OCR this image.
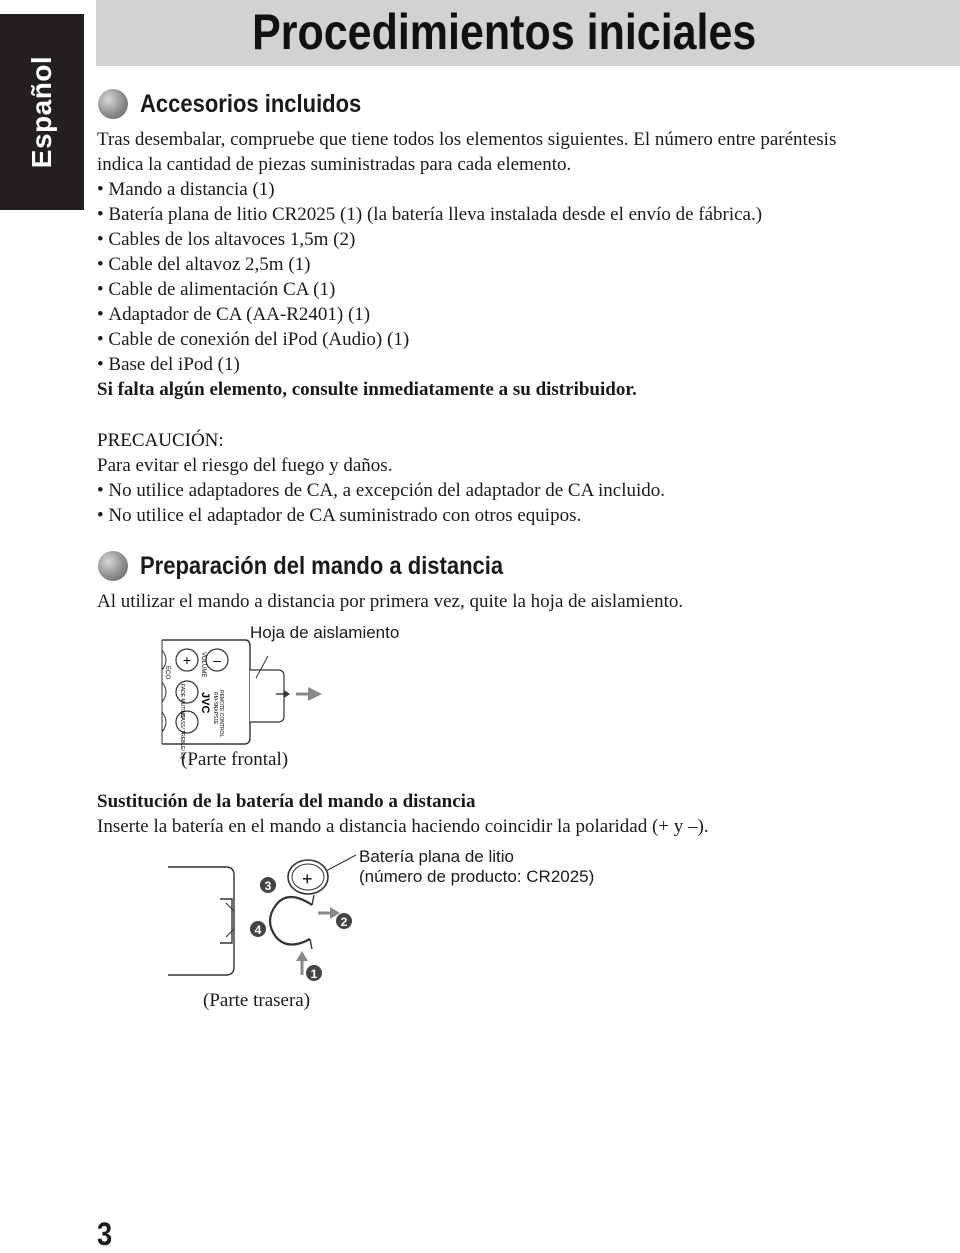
Español
Procedimientos iniciales
Accesorios incluidos

Tras desembalar, compruebe que tiene todos los elementos siguientes. El número entre paréntesis

indica la cantidad de piezas suministradas para cada elemento.

• Mando a distancia (1)
• Batería plana de litio CR2025 (1) (la batería lleva instalada desde el envío de fábrica.)
• Cables de los altavoces 1,5m (2)
• Cable del altavoz 2,5m (1)
• Cable de alimentación CA (1)
• Adaptador de CA (AA-R2401) (1)
• Cable de conexión del iPod (Audio) (1)
• Base del iPod (1)

Si falta algún elemento, consulte inmediatamente a su distribuidor.

PRECAUCIÓN:

Para evitar el riesgo del fuego y daños.

• No utilice adaptadores de CA, a excepción del adaptador de CA incluido.
• No utilice el adaptador de CA suministrado con otros equipos.
Preparación del mando a distancia

Al utilizar el mando a distancia por primera vez, quite la hoja de aislamiento.

+ –
ECO	VOLUME
FADE MUTING
BASS/ TREBLE/ EQ
JVC RM-SNXPS1E REMOTE CONTROL
Hoja de aislamiento
(Parte frontal)

Sustitución de la batería del mando a distancia

Inserte la batería en el mando a distancia haciendo coincidir la polaridad (+ y –).

+
3
4
2
1
Batería plana de litio
(número de producto: CR2025)
(Parte trasera)
3
